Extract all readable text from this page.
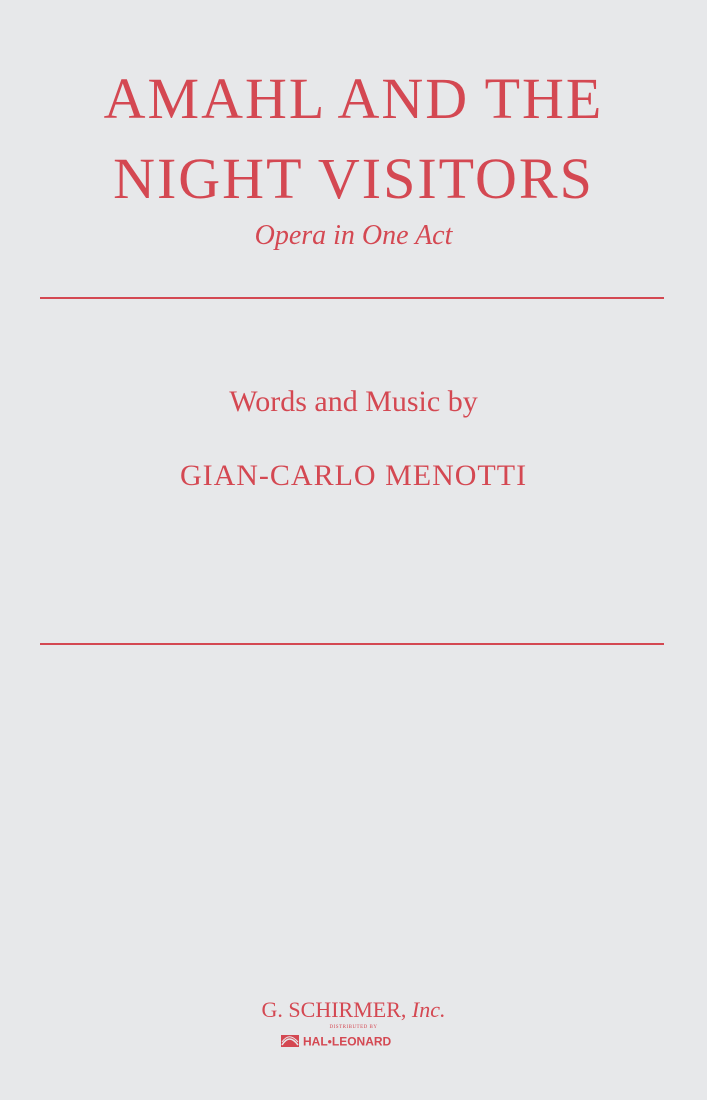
AMAHL AND THE
NIGHT VISITORS
Opera in One Act
Words and Music by
GIAN-CARLO MENOTTI
G. SCHIRMER, Inc.
DISTRIBUTED BY
HAL•LEONARD
